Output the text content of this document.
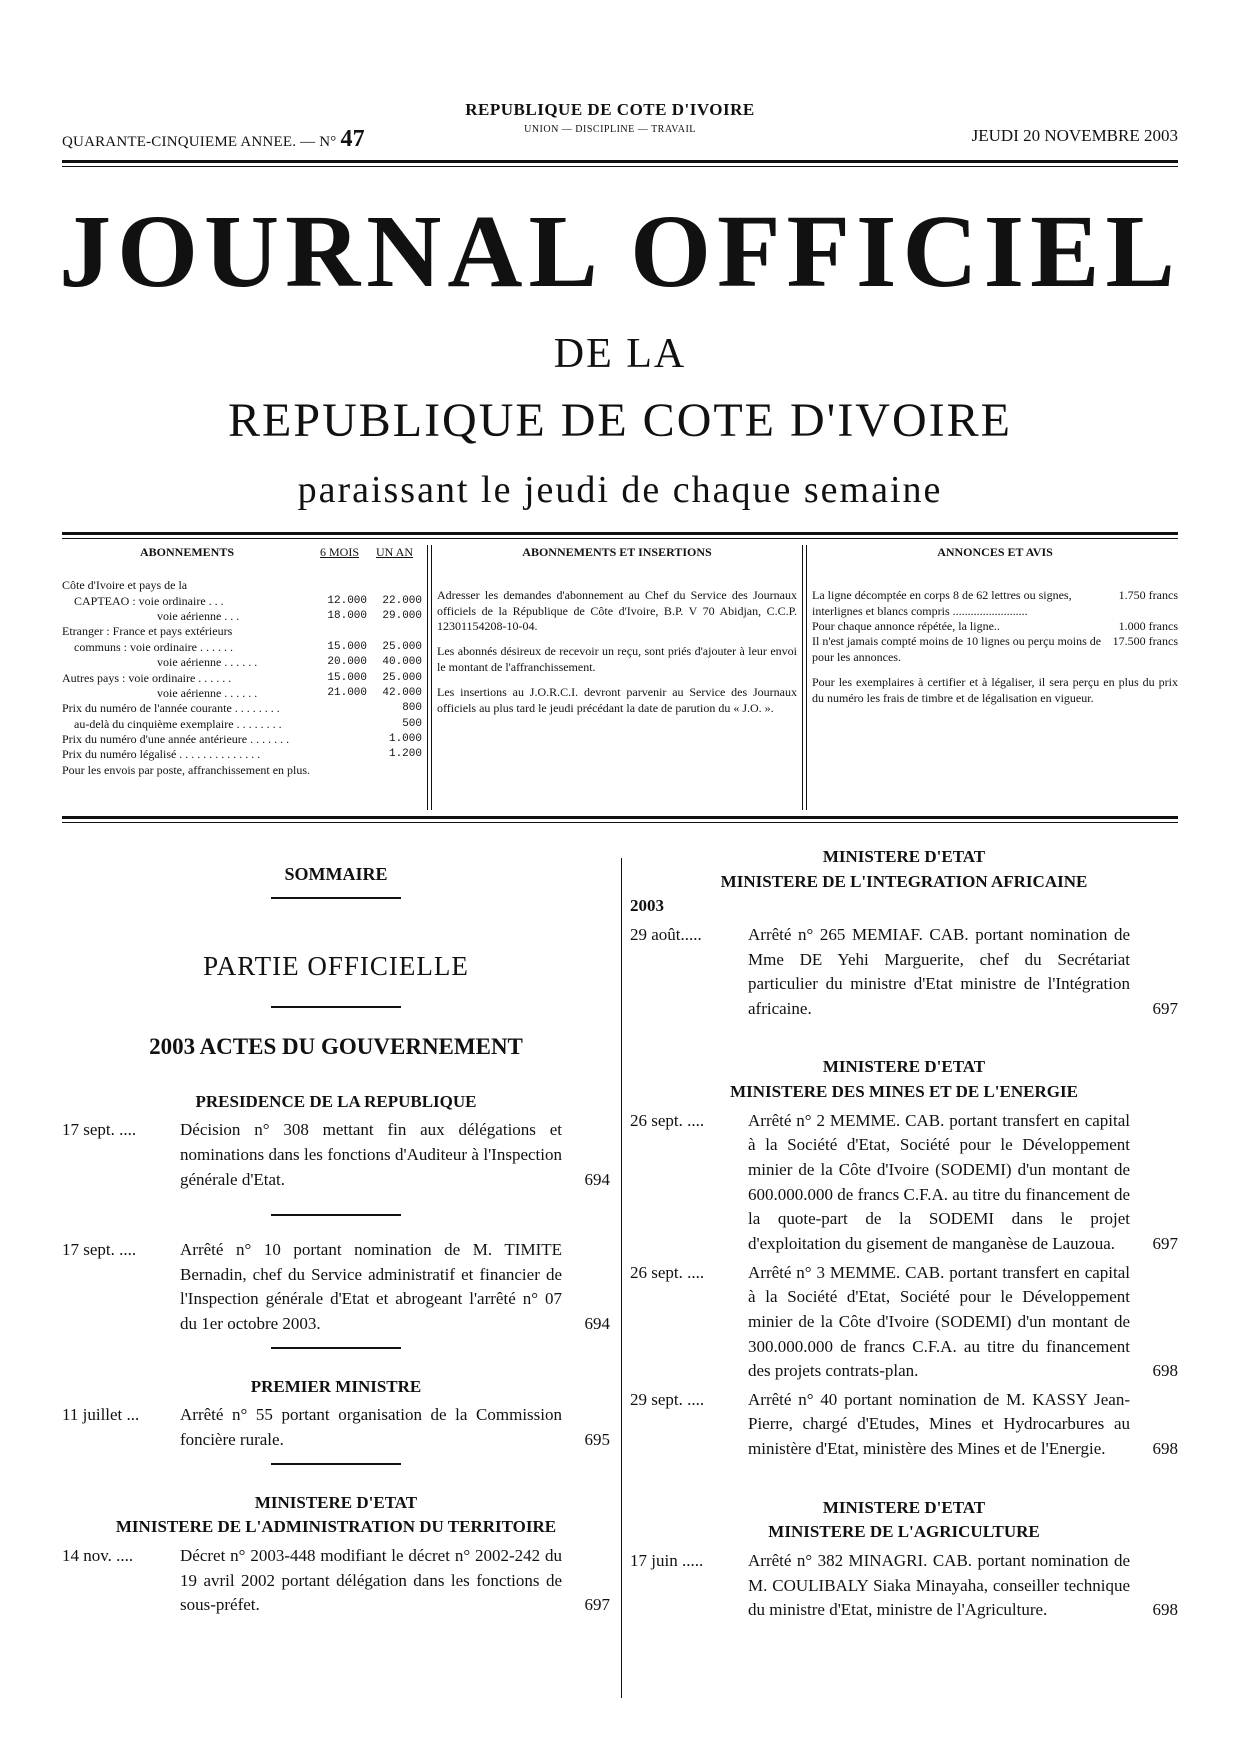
QUARANTE-CINQUIEME ANNEE. — N° 47
REPUBLIQUE DE COTE D'IVOIRE
UNION — DISCIPLINE — TRAVAIL	JEUDI 20 NOVEMBRE 2003
JOURNAL OFFICIEL
DE LA
REPUBLIQUE DE COTE D'IVOIRE
paraissant le jeudi de chaque semaine
ABONNEMENTS	6 MOIS	UN AN
Côte d'Ivoire et pays de la
CAPTEAO : voie ordinaire . . .	12.000	22.000
voie aérienne . . .	18.000	29.000
Etranger : France et pays extérieurs
communs : voie ordinaire . . . . . .	15.000	25.000
voie aérienne . . . . . .	20.000	40.000
Autres pays : voie ordinaire . . . . . .	15.000	25.000
voie aérienne . . . . . .	21.000	42.000
Prix du numéro de l'année courante . . . . . . . .	800
au-delà du cinquième exemplaire . . . . . . . .	500
Prix du numéro d'une année antérieure . . . . . . .	1.000
Prix du numéro légalisé . . . . . . . . . . . . . .	1.200
Pour les envois par poste, affranchissement en plus.
ABONNEMENTS ET INSERTIONS

Adresser les demandes d'abonnement au Chef du Service des Journaux officiels de la République de Côte d'Ivoire, B.P. V 70 Abidjan, C.C.P. 12301154208-10-04.

Les abonnés désireux de recevoir un reçu, sont priés d'ajouter à leur envoi le montant de l'affranchissement.

Les insertions au J.O.R.C.I. devront parvenir au Service des Journaux officiels au plus tard le jeudi précédant la date de parution du « J.O. ».

ANNONCES ET AVIS
La ligne décomptée en corps 8 de 62 lettres ou signes, interlignes et blancs compris .........................
1.750 francs
Pour chaque annonce répétée, la ligne..	1.000 francs
Il n'est jamais compté moins de 10 lignes ou perçu moins de pour les annonces.
17.500 francs

Pour les exemplaires à certifier et à légaliser, il sera perçu en plus du prix du numéro les frais de timbre et de légalisation en vigueur.

SOMMAIRE
PARTIE OFFICIELLE
2003 ACTES DU GOUVERNEMENT
PRESIDENCE DE LA REPUBLIQUE
17 sept. ....	Décision n° 308 mettant fin aux délégations et nominations dans les fonctions d'Auditeur à l'Inspection générale d'Etat.	694
17 sept. ....	Arrêté n° 10 portant nomination de M. TIMITE Bernadin, chef du Service administratif et financier de l'Inspection générale d'Etat et abrogeant l'arrêté n° 07 du 1er octobre 2003.	694
PREMIER MINISTRE
11 juillet ...	Arrêté n° 55 portant organisation de la Commission foncière rurale.	695
MINISTERE D'ETAT
MINISTERE DE L'ADMINISTRATION DU TERRITOIRE
14 nov. ....	Décret n° 2003-448 modifiant le décret n° 2002-242 du 19 avril 2002 portant délégation dans les fonctions de sous-préfet.	697
MINISTERE D'ETAT
MINISTERE DE L'INTEGRATION AFRICAINE
2003
29 août.....	Arrêté n° 265 MEMIAF. CAB. portant nomination de Mme DE Yehi Marguerite, chef du Secrétariat particulier du ministre d'Etat ministre de l'Intégration africaine.	697
MINISTERE D'ETAT
MINISTERE DES MINES ET DE L'ENERGIE
26 sept. ....	Arrêté n° 2 MEMME. CAB. portant transfert en capital à la Société d'Etat, Société pour le Développement minier de la Côte d'Ivoire (SODEMI) d'un montant de 600.000.000 de francs C.F.A. au titre du financement de la quote-part de la SODEMI dans le projet d'exploitation du gisement de manganèse de Lauzoua.	697
26 sept. ....	Arrêté n° 3 MEMME. CAB. portant transfert en capital à la Société d'Etat, Société pour le Développement minier de la Côte d'Ivoire (SODEMI) d'un montant de 300.000.000 de francs C.F.A. au titre du financement des projets contrats-plan.	698
29 sept. ....	Arrêté n° 40 portant nomination de M. KASSY Jean-Pierre, chargé d'Etudes, Mines et Hydrocarbures au ministère d'Etat, ministère des Mines et de l'Energie.	698
MINISTERE D'ETAT
MINISTERE DE L'AGRICULTURE
17 juin .....	Arrêté n° 382 MINAGRI. CAB. portant nomination de M. COULIBALY Siaka Minayaha, conseiller technique du ministre d'Etat, ministre de l'Agriculture.	698
